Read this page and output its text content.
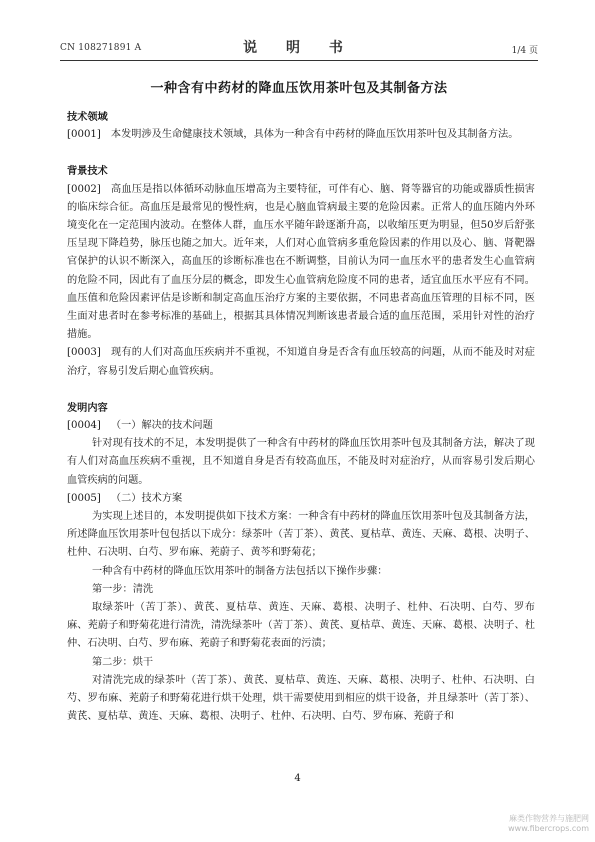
CN 108271891 A	说 明 书	1/4 页
一种含有中药材的降血压饮用茶叶包及其制备方法

技术领域

[0001] 本发明涉及生命健康技术领域，具体为一种含有中药材的降血压饮用茶叶包及其制备方法。

背景技术

[0002] 高血压是指以体循环动脉血压增高为主要特征，可伴有心、脑、肾等器官的功能或器质性损害的临床综合征。高血压是最常见的慢性病，也是心脑血管病最主要的危险因素。正常人的血压随内外环境变化在一定范围内波动。在整体人群，血压水平随年龄逐渐升高，以收缩压更为明显，但50岁后舒张压呈现下降趋势，脉压也随之加大。近年来，人们对心血管病多重危险因素的作用以及心、脑、肾靶器官保护的认识不断深入，高血压的诊断标准也在不断调整，目前认为同一血压水平的患者发生心血管病的危险不同，因此有了血压分层的概念，即发生心血管病危险度不同的患者，适宜血压水平应有不同。血压值和危险因素评估是诊断和制定高血压治疗方案的主要依据，不同患者高血压管理的目标不同，医生面对患者时在参考标准的基础上，根据其具体情况判断该患者最合适的血压范围，采用针对性的治疗措施。

[0003] 现有的人们对高血压疾病并不重视，不知道自身是否含有血压较高的问题，从而不能及时对症治疗，容易引发后期心血管疾病。

发明内容

[0004] （一）解决的技术问题

针对现有技术的不足，本发明提供了一种含有中药材的降血压饮用茶叶包及其制备方法，解决了现有人们对高血压疾病不重视，且不知道自身是否有较高血压，不能及时对症治疗，从而容易引发后期心血管疾病的问题。

[0005] （二）技术方案

为实现上述目的，本发明提供如下技术方案：一种含有中药材的降血压饮用茶叶包及其制备方法，所述降血压饮用茶叶包包括以下成分：绿茶叶（苦丁茶）、黄芪、夏枯草、黄连、天麻、葛根、决明子、杜仲、石决明、白芍、罗布麻、茺蔚子、黄芩和野菊花；

一种含有中药材的降血压饮用茶叶的制备方法包括以下操作步骤：

第一步：清洗

取绿茶叶（苦丁茶）、黄芪、夏枯草、黄连、天麻、葛根、决明子、杜仲、石决明、白芍、罗布麻、茺蔚子和野菊花进行清洗，清洗绿茶叶（苦丁茶）、黄芪、夏枯草、黄连、天麻、葛根、决明子、杜仲、石决明、白芍、罗布麻、茺蔚子和野菊花表面的污渍；

第二步：烘干

对清洗完成的绿茶叶（苦丁茶）、黄芪、夏枯草、黄连、天麻、葛根、决明子、杜仲、石决明、白芍、罗布麻、茺蔚子和野菊花进行烘干处理，烘干需要使用到相应的烘干设备，并且绿茶叶（苦丁茶）、黄芪、夏枯草、黄连、天麻、葛根、决明子、杜仲、石决明、白芍、罗布麻、茺蔚子和

4
麻类作物营养与施肥网
www.fibercrops.com
